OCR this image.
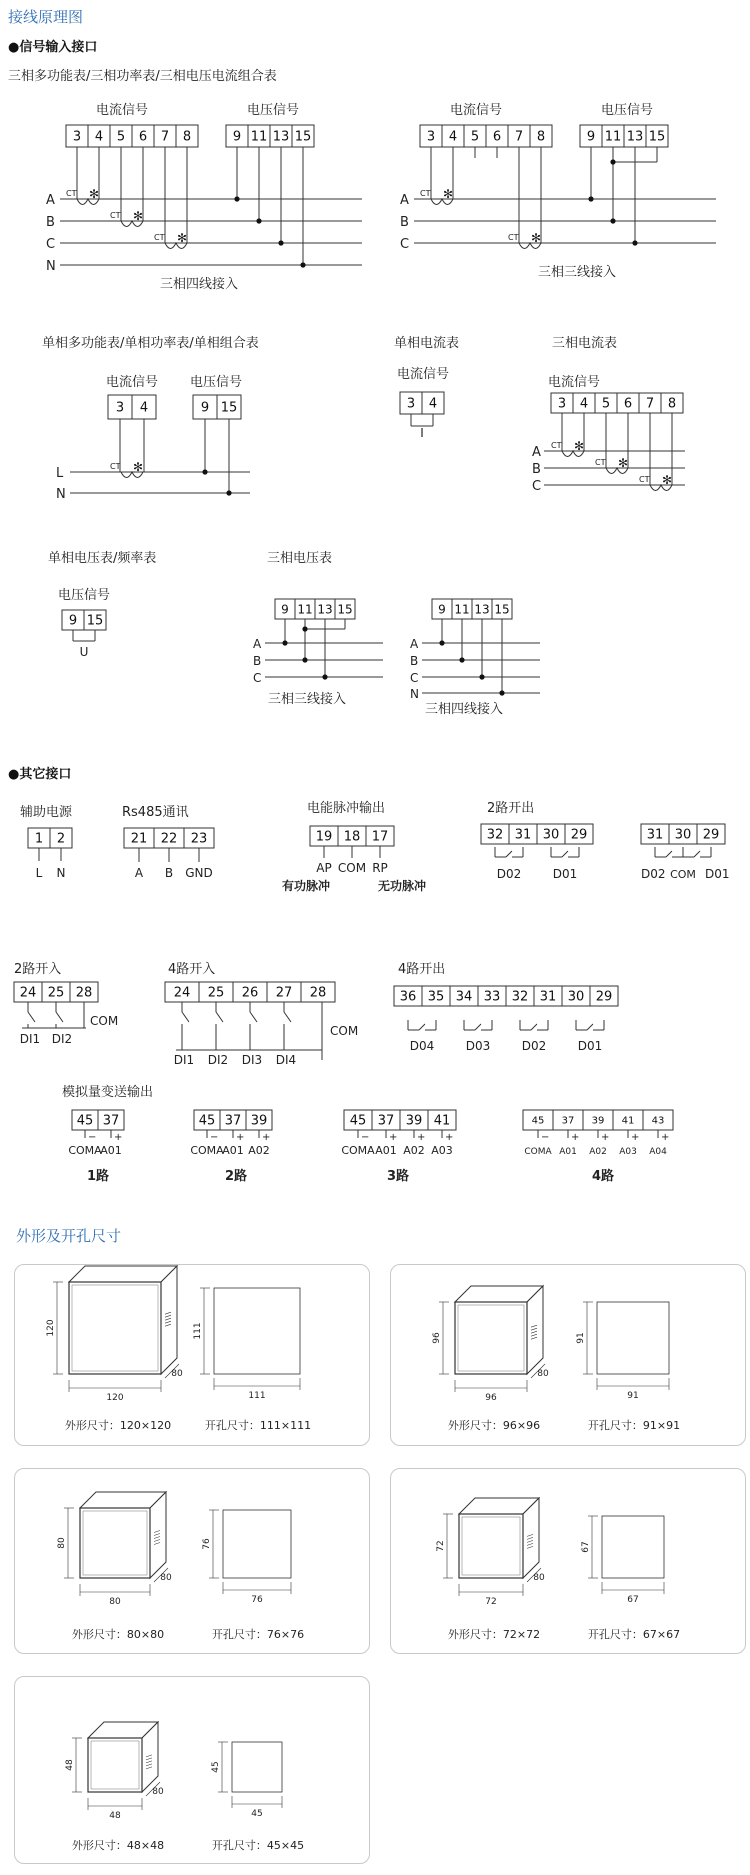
接线原理图
●信号输入接口
●其它接口
外形及开孔尺寸
三相多功能表/三相功率表/三相电压电流组合表
电流信号	电压信号
3 4 5 6 7 8	9 11 13 15
A
B
C
N
CT ✻
CT ✻
CT ✻
三相四线接入
电流信号	电压信号
3 4 5 6 7 8	9 11 13 15
A
B
C
CT ✻
CT ✻
三相三线接入
单相多功能表/单相功率表/单相组合表
电流信号 电压信号
3 4	9 15
L
N
CT ✻
单相电流表
电流信号
3 4
I
三相电流表
电流信号
3 4 5 6 7 8
A
B
C
CT ✻
CT ✻
CT ✻
单相电压表/频率表
电压信号
9 15
U
三相电压表
9 11 13 15
A
B
C
三相三线接入
9 11 13 15
A
B
C
N
三相四线接入
辅助电源
1 2
L N
Rs485通讯
21 22 23
A B GND
电能脉冲输出
19 18 17
AP COM RP
有功脉冲	无功脉冲
2路开出
32 31 30 29
D02	D01
31 30 29
D02 COM D01
2路开入
24 25 28
DI1 DI2
COM
4路开入
24 25 26 27 28
DI1 DI2 DI3 DI4
COM
4路开出
36 35 34 33 32 31 30 29
D04	D03	D02	D01
模拟量变送输出
45 37
−
COMA
+
A01
1路
45 37 39
−
COMA
+
A01
+
A02
2路
45 37 39 41
−
COMA
+
A01
+
A02
+
A03
3路
45 37 39 41 43
−
COMA
+
A01
+
A02
+
A03
+
A04
4路
120
120
80
111
111
外形尺寸：120×120	开孔尺寸：111×111
96
96
80
91
91
外形尺寸：96×96	开孔尺寸：91×91
80
80
80
76
76
外形尺寸：80×80	开孔尺寸：76×76
72
72
80
67
67
外形尺寸：72×72	开孔尺寸：67×67
48
48
80
45
45
外形尺寸：48×48	开孔尺寸：45×45
